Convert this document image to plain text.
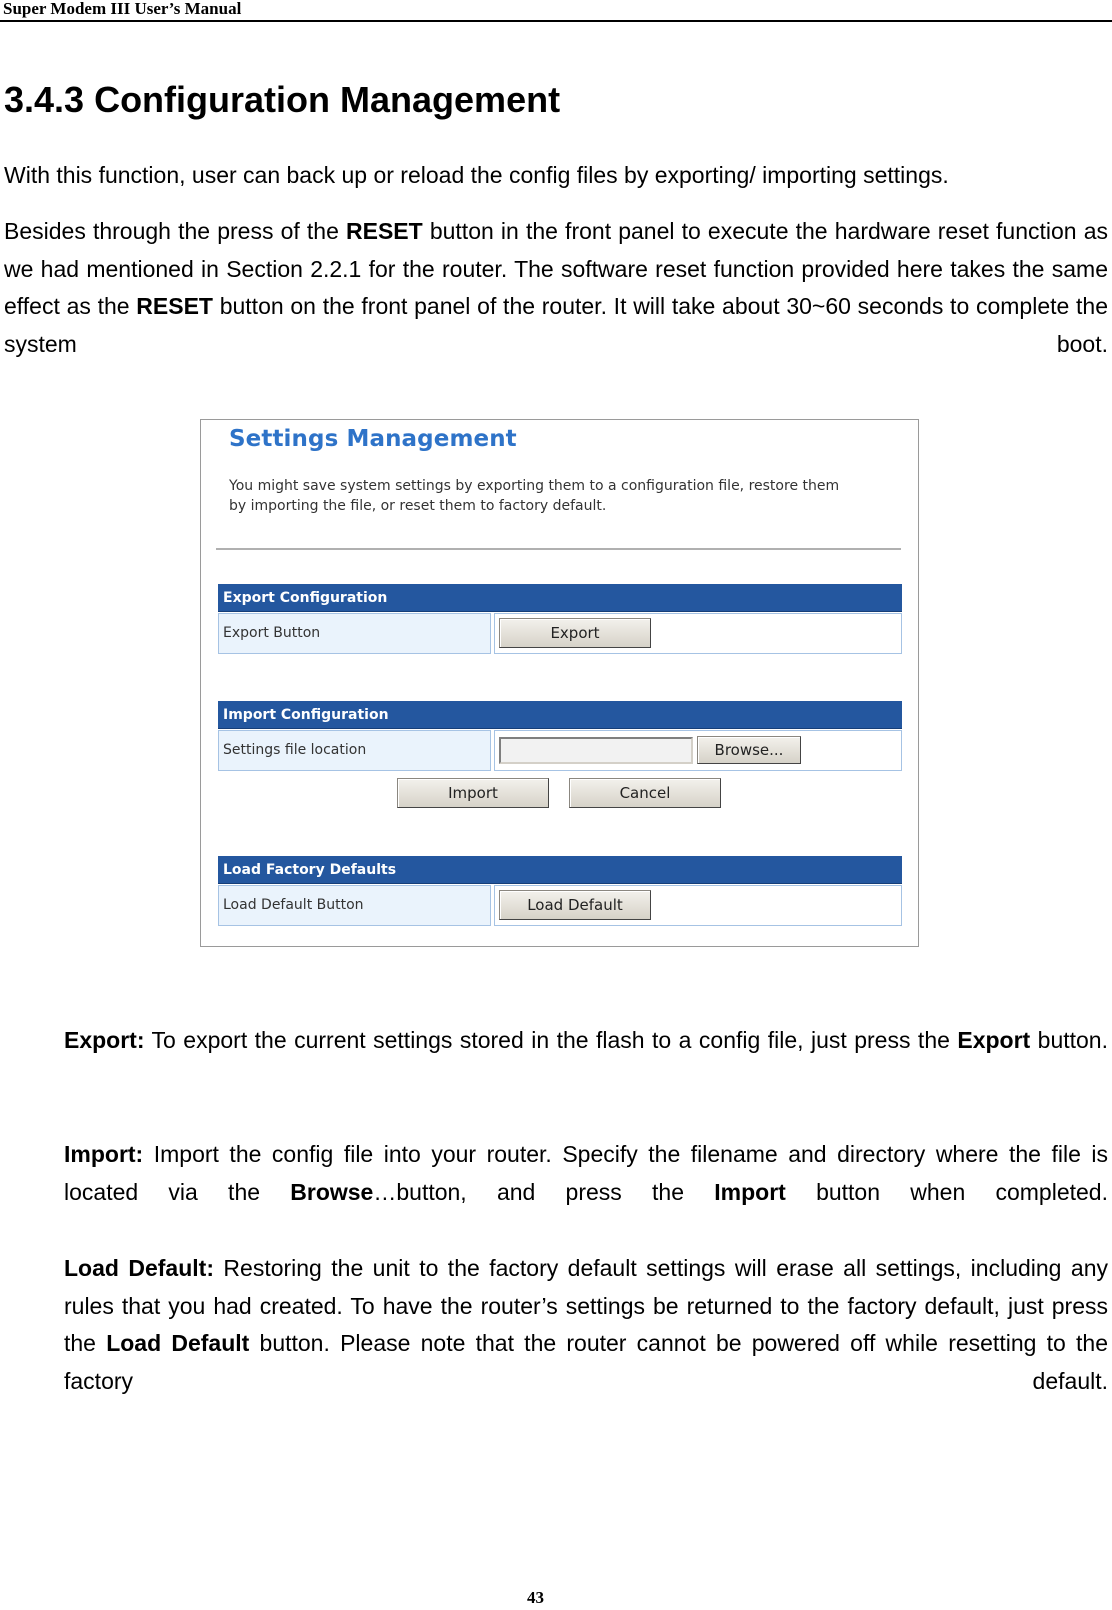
Super Modem III User’s Manual
3.4.3 Configuration Management

With this function, user can back up or reload the config files by exporting/ importing settings.

Besides through the press of the RESET button in the front panel to execute the hardware reset function as we had mentioned in Section 2.2.1 for the router. The software reset function provided here takes the same effect as the RESET button on the front panel of the router. It will take about 30~60 seconds to complete the system boot.

Settings Management
You might save system settings by exporting them to a configuration file, restore them by importing the file, or reset them to factory default.
Export Configuration
Export Button	Export
Import Configuration
Settings file location	Browse...
Import	Cancel
Load Factory Defaults
Load Default Button	Load Default

Export: To export the current settings stored in the flash to a config file, just press the Export button.

Import: Import the config file into your router. Specify the filename and directory where the file is located via the Browse…button, and press the Import button when completed.

Load Default: Restoring the unit to the factory default settings will erase all settings, including any rules that you had created. To have the router’s settings be returned to the factory default, just press the Load Default button. Please note that the router cannot be powered off while resetting to the factory default.

43
